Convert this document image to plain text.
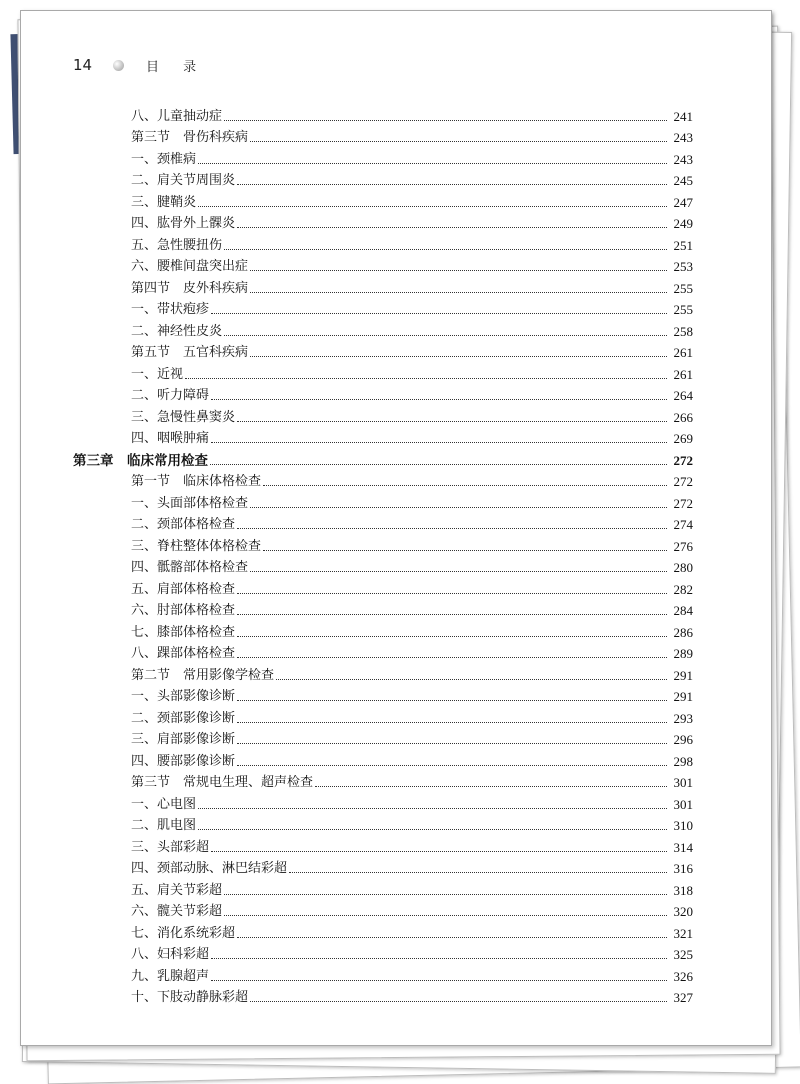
14	目 录
八、儿童抽动症	241
第三节　骨伤科疾病	243
一、颈椎病	243
二、肩关节周围炎	245
三、腱鞘炎	247
四、肱骨外上髁炎	249
五、急性腰扭伤	251
六、腰椎间盘突出症	253
第四节　皮外科疾病	255
一、带状疱疹	255
二、神经性皮炎	258
第五节　五官科疾病	261
一、近视	261
二、听力障碍	264
三、急慢性鼻窦炎	266
四、咽喉肿痛	269
第三章　临床常用检查	272
第一节　临床体格检查	272
一、头面部体格检查	272
二、颈部体格检查	274
三、脊柱整体体格检查	276
四、骶髂部体格检查	280
五、肩部体格检查	282
六、肘部体格检查	284
七、膝部体格检查	286
八、踝部体格检查	289
第二节　常用影像学检查	291
一、头部影像诊断	291
二、颈部影像诊断	293
三、肩部影像诊断	296
四、腰部影像诊断	298
第三节　常规电生理、超声检查	301
一、心电图	301
二、肌电图	310
三、头部彩超	314
四、颈部动脉、淋巴结彩超	316
五、肩关节彩超	318
六、髋关节彩超	320
七、消化系统彩超	321
八、妇科彩超	325
九、乳腺超声	326
十、下肢动静脉彩超	327
